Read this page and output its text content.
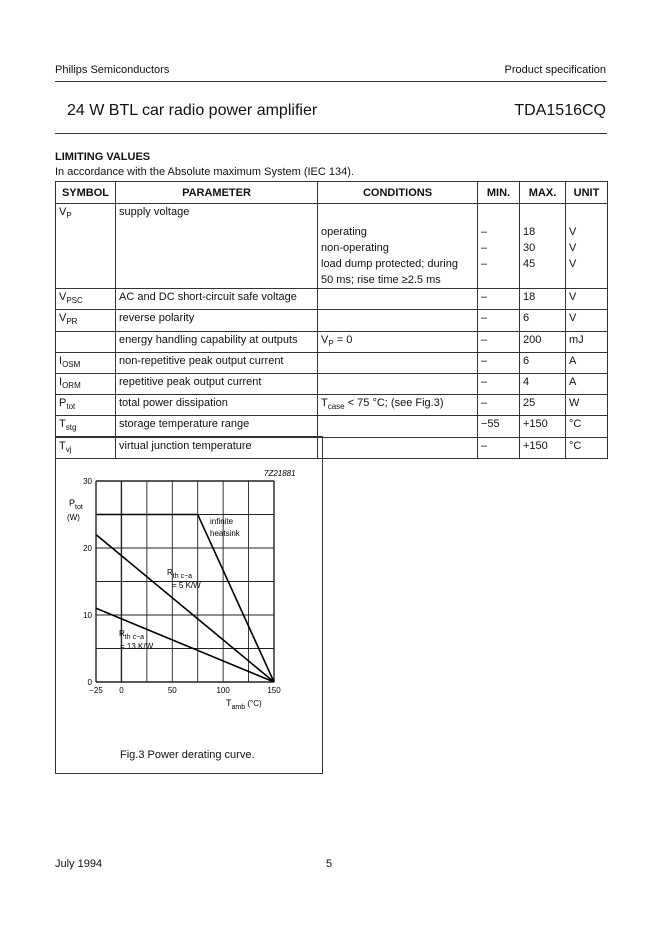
Philips Semiconductors	Product specification
24 W BTL car radio power amplifier	TDA1516CQ
LIMITING VALUES
In accordance with the Absolute maximum System (IEC 134).
SYMBOL	PARAMETER	CONDITIONS	MIN.	MAX.	UNIT
$V_P$	supply voltage				
		operating	–	18	V
		non-operating	–	30	V
		load dump protected; during	–	45	V
		50 ms; rise time ≥2.5 ms			
$V_{PSC}$	AC and DC short-circuit safe voltage		–	18	V
$V_{PR}$	reverse polarity		–	6	V
	energy handling capability at outputs	$V_P = 0$	–	200	mJ
$I_{OSM}$	non-repetitive peak output current		–	6	A
$I_{ORM}$	repetitive peak output current		–	4	A
$P_{tot}$	total power dissipation	$T_{case} < 75$ °C; (see Fig.3)	–	25	W
$T_{stg}$	storage temperature range		−55	+150	°C
$T_{vj}$	virtual junction temperature		–	+150	°C
−25 0	50	100	150
0
10
20
30
7Z21881
$P_{tot}$
(W)
$T_{amb}$ (°C)
infinite
heatsink
Rth c−a
= 5 K/W
Rth c−a
= 13 K/W
Fig.3 Power derating curve.
July 1994	5
